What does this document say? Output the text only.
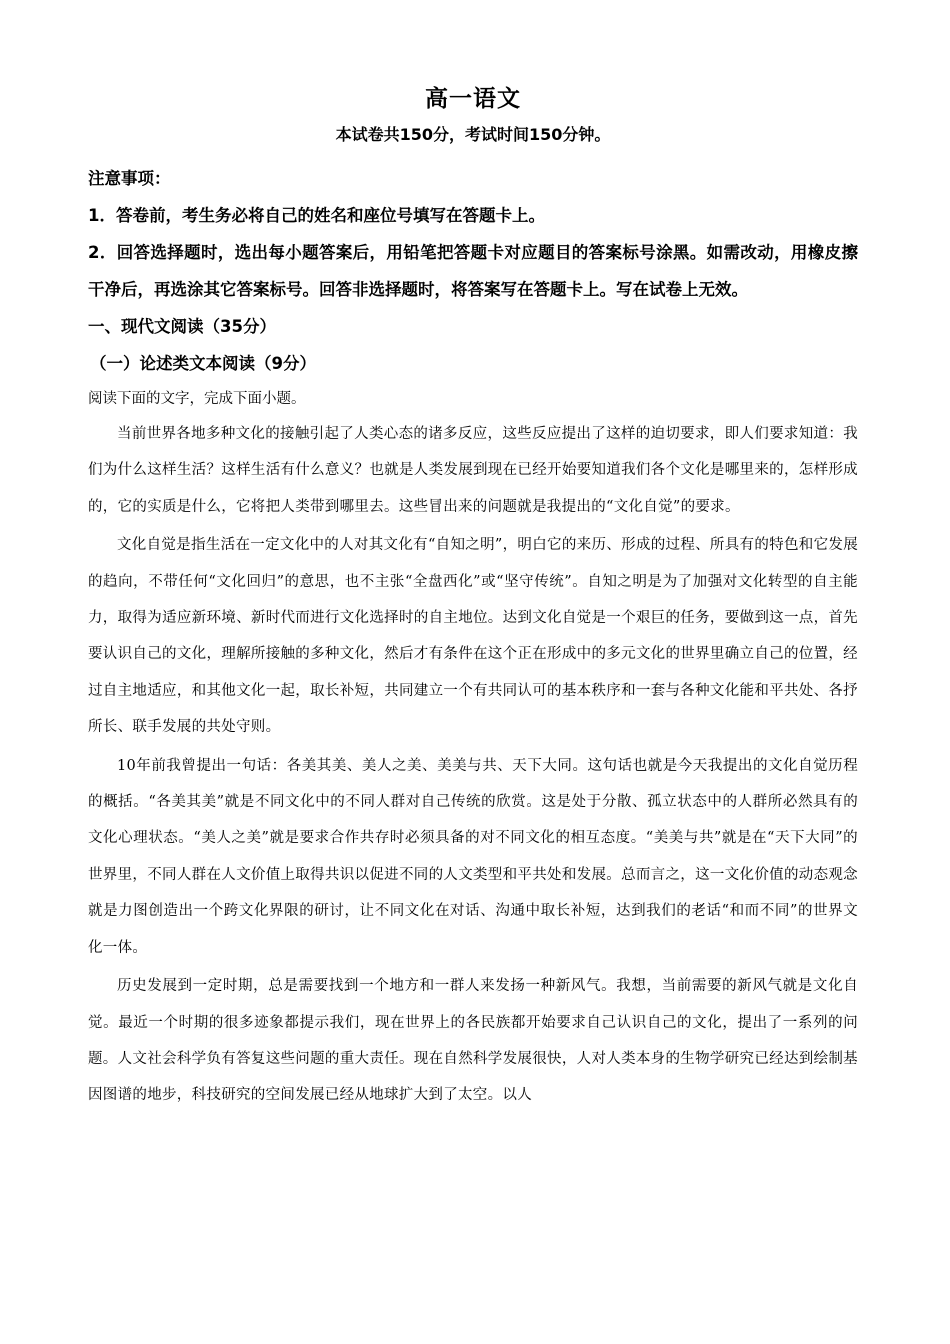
高一语文
本试卷共150分，考试时间150分钟。
注意事项：
1．答卷前，考生务必将自己的姓名和座位号填写在答题卡上。
2．回答选择题时，选出每小题答案后，用铅笔把答题卡对应题目的答案标号涂黑。如需改动，用橡皮擦干净后，再选涂其它答案标号。回答非选择题时，将答案写在答题卡上。写在试卷上无效。
一、现代文阅读（35分）
（一）论述类文本阅读（9分）
阅读下面的文字，完成下面小题。

当前世界各地多种文化的接触引起了人类心态的诸多反应，这些反应提出了这样的迫切要求，即人们要求知道：我们为什么这样生活？这样生活有什么意义？也就是人类发展到现在已经开始要知道我们各个文化是哪里来的，怎样形成的，它的实质是什么，它将把人类带到哪里去。这些冒出来的问题就是我提出的“文化自觉”的要求。

文化自觉是指生活在一定文化中的人对其文化有“自知之明”，明白它的来历、形成的过程、所具有的特色和它发展的趋向，不带任何“文化回归”的意思，也不主张“全盘西化”或“坚守传统”。自知之明是为了加强对文化转型的自主能力，取得为适应新环境、新时代而进行文化选择时的自主地位。达到文化自觉是一个艰巨的任务，要做到这一点，首先要认识自己的文化，理解所接触的多种文化，然后才有条件在这个正在形成中的多元文化的世界里确立自己的位置，经过自主地适应，和其他文化一起，取长补短，共同建立一个有共同认可的基本秩序和一套与各种文化能和平共处、各抒所长、联手发展的共处守则。

10年前我曾提出一句话：各美其美、美人之美、美美与共、天下大同。这句话也就是今天我提出的文化自觉历程的概括。“各美其美”就是不同文化中的不同人群对自己传统的欣赏。这是处于分散、孤立状态中的人群所必然具有的文化心理状态。“美人之美”就是要求合作共存时必须具备的对不同文化的相互态度。“美美与共”就是在“天下大同”的世界里，不同人群在人文价值上取得共识以促进不同的人文类型和平共处和发展。总而言之，这一文化价值的动态观念就是力图创造出一个跨文化界限的研讨，让不同文化在对话、沟通中取长补短，达到我们的老话“和而不同”的世界文化一体。

历史发展到一定时期，总是需要找到一个地方和一群人来发扬一种新风气。我想，当前需要的新风气就是文化自觉。最近一个时期的很多迹象都提示我们，现在世界上的各民族都开始要求自己认识自己的文化，提出了一系列的问题。人文社会科学负有答复这些问题的重大责任。现在自然科学发展很快，人对人类本身的生物学研究已经达到绘制基因图谱的地步，科技研究的空间发展已经从地球扩大到了太空。以人
